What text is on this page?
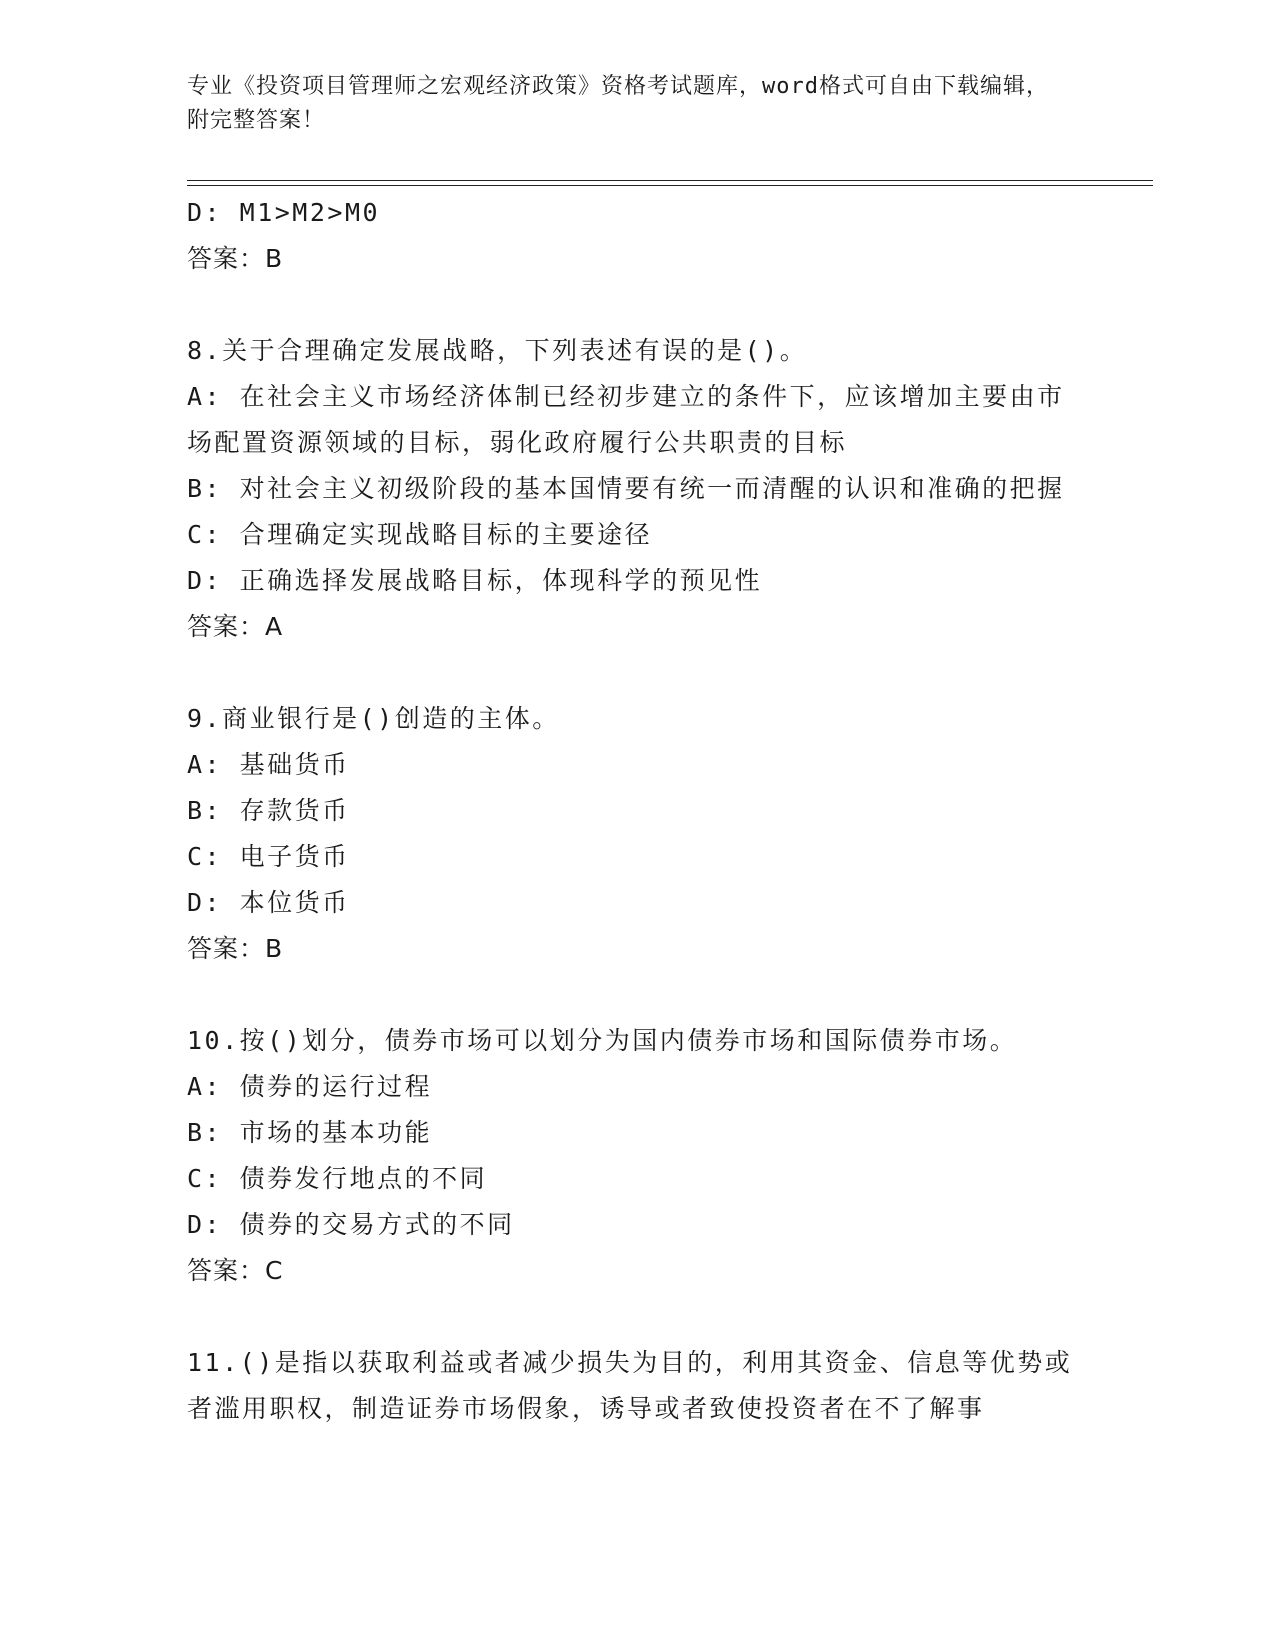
专业《投资项目管理师之宏观经济政策》资格考试题库，word格式可自由下载编辑，附完整答案！
D: M1>M2>M0
答案：B
8.关于合理确定发展战略，下列表述有误的是()。
A: 在社会主义市场经济体制已经初步建立的条件下，应该增加主要由市场配置资源领域的目标，弱化政府履行公共职责的目标
B: 对社会主义初级阶段的基本国情要有统一而清醒的认识和准确的把握
C: 合理确定实现战略目标的主要途径
D: 正确选择发展战略目标，体现科学的预见性
答案：A
9.商业银行是()创造的主体。
A: 基础货币
B: 存款货币
C: 电子货币
D: 本位货币
答案：B
10.按()划分，债券市场可以划分为国内债券市场和国际债券市场。
A: 债券的运行过程
B: 市场的基本功能
C: 债券发行地点的不同
D: 债券的交易方式的不同
答案：C
11.()是指以获取利益或者减少损失为目的，利用其资金、信息等优势或者滥用职权，制造证券市场假象，诱导或者致使投资者在不了解事
